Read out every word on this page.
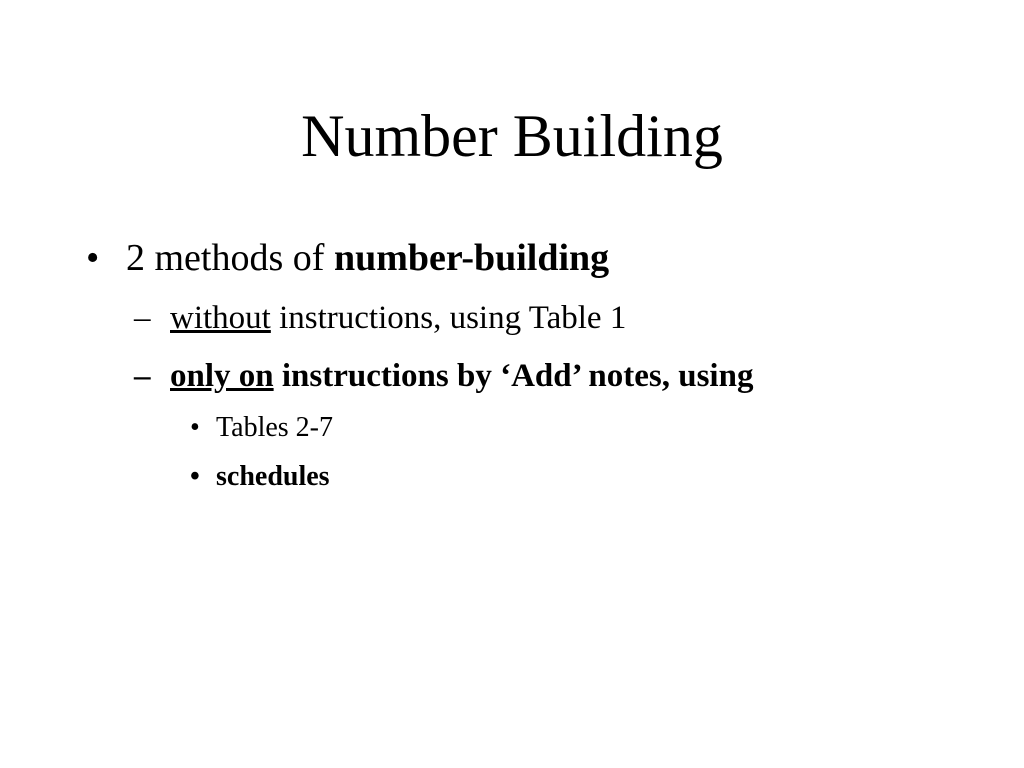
Number Building
• 2 methods of number-building
– without instructions, using Table 1
– only on instructions by ‘Add’ notes, using
• Tables 2-7
• schedules
